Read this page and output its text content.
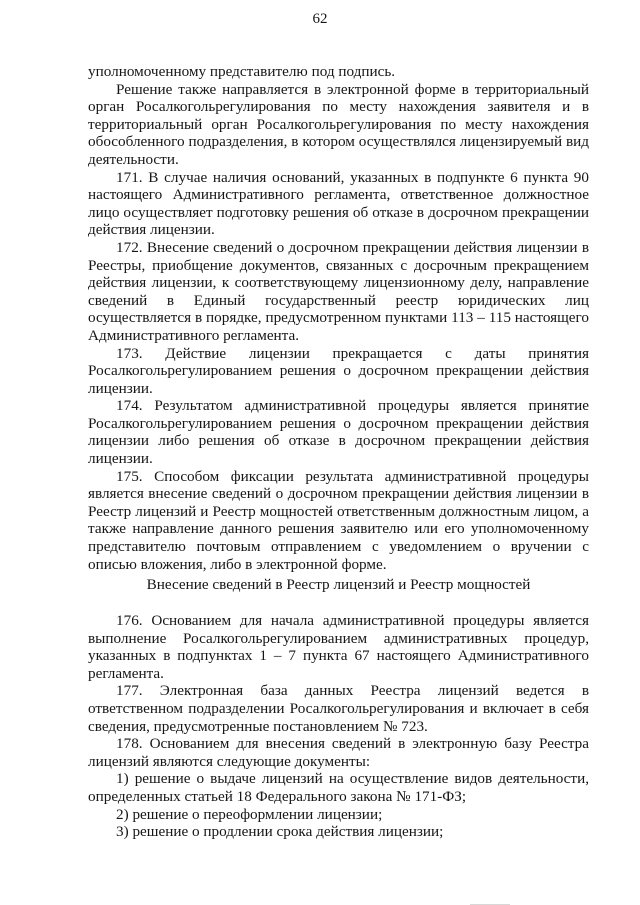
62

уполномоченному представителю под подпись.

Решение также направляется в электронной форме в территориальный орган Росалкогольрегулирования по месту нахождения заявителя и в территориальный орган Росалкогольрегулирования по месту нахождения обособленного подразделения, в котором осуществлялся лицензируемый вид деятельности.

171. В случае наличия оснований, указанных в подпункте 6 пункта 90 настоящего Административного регламента, ответственное должностное лицо осуществляет подготовку решения об отказе в досрочном прекращении действия лицензии.

172. Внесение сведений о досрочном прекращении действия лицензии в Реестры, приобщение документов, связанных с досрочным прекращением действия лицензии, к соответствующему лицензионному делу, направление сведений в Единый государственный реестр юридических лиц осуществляется в порядке, предусмотренном пунктами 113 – 115 настоящего Административного регламента.

173. Действие лицензии прекращается с даты принятия Росалкогольрегулированием решения о досрочном прекращении действия лицензии.

174. Результатом административной процедуры является принятие Росалкогольрегулированием решения о досрочном прекращении действия лицензии либо решения об отказе в досрочном прекращении действия лицензии.

175. Способом фиксации результата административной процедуры является внесение сведений о досрочном прекращении действия лицензии в Реестр лицензий и Реестр мощностей ответственным должностным лицом, а также направление данного решения заявителю или его уполномоченному представителю почтовым отправлением с уведомлением о вручении с описью вложения, либо в электронной форме.

Внесение сведений в Реестр лицензий и Реестр мощностей

176. Основанием для начала административной процедуры является выполнение Росалкогольрегулированием административных процедур, указанных в подпунктах 1 – 7 пункта 67 настоящего Административного регламента.

177. Электронная база данных Реестра лицензий ведется в ответственном подразделении Росалкогольрегулирования и включает в себя сведения, предусмотренные постановлением № 723.

178. Основанием для внесения сведений в электронную базу Реестра лицензий являются следующие документы:

1) решение о выдаче лицензий на осуществление видов деятельности, определенных статьей 18 Федерального закона № 171-ФЗ;

2) решение о переоформлении лицензии;

3) решение о продлении срока действия лицензии;
